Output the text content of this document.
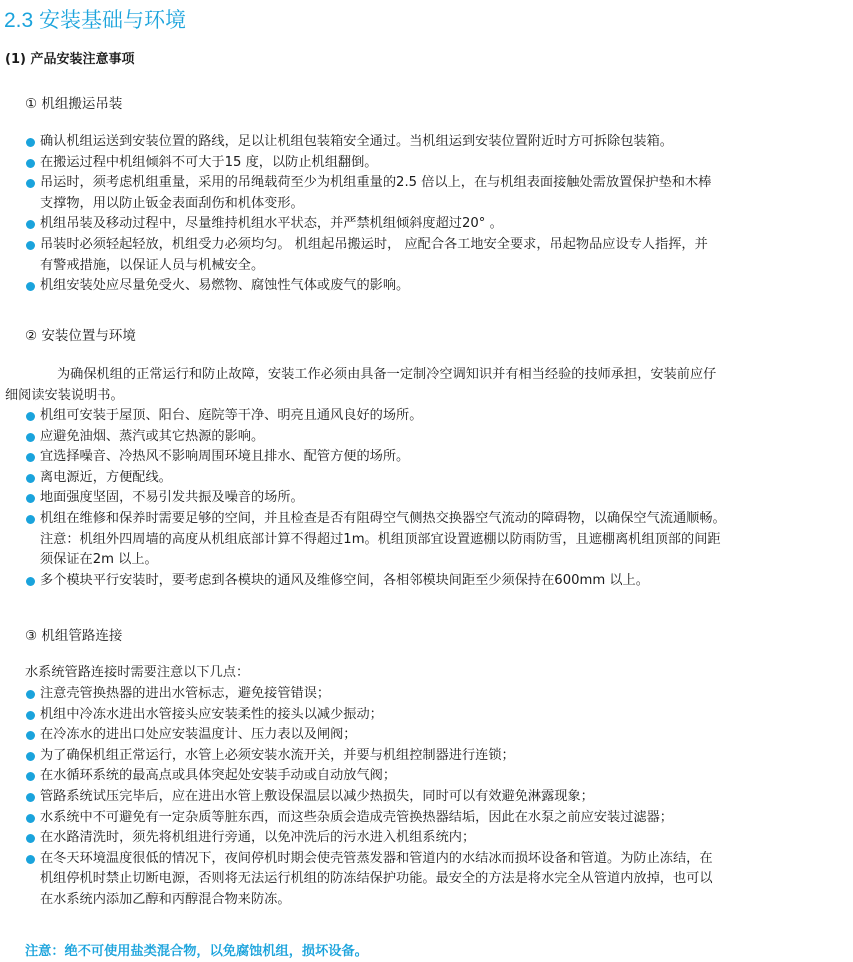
2.3 安装基础与环境
(1) 产品安装注意事项
① 机组搬运吊装
确认机组运送到安装位置的路线，足以让机组包装箱安全通过。当机组运到安装位置附近时方可拆除包装箱。
在搬运过程中机组倾斜不可大于15 度，以防止机组翻倒。
吊运时，须考虑机组重量，采用的吊绳载荷至少为机组重量的2.5 倍以上，在与机组表面接触处需放置保护垫和木棒
支撑物，用以防止钣金表面刮伤和机体变形。
机组吊装及移动过程中，尽量维持机组水平状态，并严禁机组倾斜度超过20° 。
吊装时必须轻起轻放，机组受力必须均匀。 机组起吊搬运时， 应配合各工地安全要求，吊起物品应设专人指挥，并
有警戒措施，以保证人员与机械安全。
机组安装处应尽量免受火、易燃物、腐蚀性气体或废气的影响。
② 安装位置与环境
为确保机组的正常运行和防止故障，安装工作必须由具备一定制冷空调知识并有相当经验的技师承担，安装前应仔
细阅读安装说明书。
机组可安装于屋顶、阳台、庭院等干净、明亮且通风良好的场所。
应避免油烟、蒸汽或其它热源的影响。
宜选择噪音、冷热风不影响周围环境且排水、配管方便的场所。
离电源近，方便配线。
地面强度坚固，不易引发共振及噪音的场所。
机组在维修和保养时需要足够的空间，并且检查是否有阻碍空气侧热交换器空气流动的障碍物，以确保空气流通顺畅。
注意：机组外四周墙的高度从机组底部计算不得超过1m。机组顶部宜设置遮棚以防雨防雪，且遮棚离机组顶部的间距
须保证在2m 以上。
多个模块平行安装时，要考虑到各模块的通风及维修空间，各相邻模块间距至少须保持在600mm 以上。
③ 机组管路连接
水系统管路连接时需要注意以下几点：
注意壳管换热器的进出水管标志，避免接管错误；
机组中冷冻水进出水管接头应安装柔性的接头以减少振动；
在冷冻水的进出口处应安装温度计、压力表以及闸阀；
为了确保机组正常运行，水管上必须安装水流开关，并要与机组控制器进行连锁；
在水循环系统的最高点或具体突起处安装手动或自动放气阀；
管路系统试压完毕后，应在进出水管上敷设保温层以减少热损失，同时可以有效避免淋露现象；
水系统中不可避免有一定杂质等脏东西，而这些杂质会造成壳管换热器结垢，因此在水泵之前应安装过滤器；
在水路清洗时，须先将机组进行旁通，以免冲洗后的污水进入机组系统内；
在冬天环境温度很低的情况下，夜间停机时期会使壳管蒸发器和管道内的水结冰而损坏设备和管道。为防止冻结，在
机组停机时禁止切断电源，否则将无法运行机组的防冻结保护功能。最安全的方法是将水完全从管道内放掉，也可以
在水系统内添加乙醇和丙醇混合物来防冻。
注意：绝不可使用盐类混合物，以免腐蚀机组，损坏设备。
